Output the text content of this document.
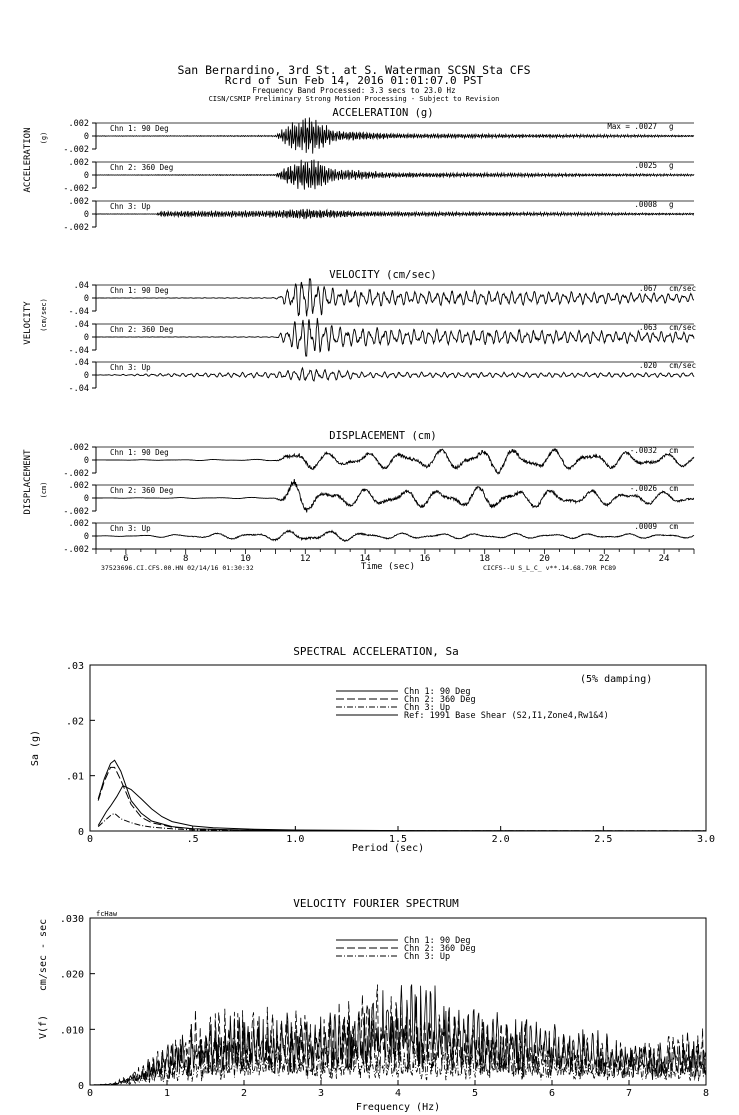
San Bernardino, 3rd St. at S. Waterman SCSN Sta CFS
Rcrd of Sun Feb 14, 2016 01:01:07.0 PST
Frequency Band Processed: 3.3 secs to 23.0 Hz
CISN/CSMIP Preliminary Strong Motion Processing - Subject to Revision
ACCELERATION (g)
VELOCITY (cm/sec)
DISPLACEMENT (cm)
ACCELERATION (g)
VELOCITY (cm/sec)
DISPLACEMENT (cm)
.002
0
-.002
Chn 1: 90 Deg	Max = .0027 g
.002
0
-.002
Chn 2: 360 Deg	.0025 g
.002
0
-.002
Chn 3: Up	.0008 g
.04
0
-.04
Chn 1: 90 Deg	.067 cm/sec
.04
0
-.04
Chn 2: 360 Deg	.063 cm/sec
.04
0
-.04
Chn 3: Up	.020 cm/sec
.002
0
-.002
Chn 1: 90 Deg	-.0032 cm
.002
0
-.002
Chn 2: 360 Deg	-.0026 cm
.002
0
-.002
Chn 3: Up	.0009 cm
6	8	10	12	14	16	18	20	22	24
Time (sec)
37523696.CI.CFS.00.HN 02/14/16 01:30:32	CICFS--U S_L_C_ v**.14.68.79R PC89
SPECTRAL ACCELERATION, Sa
(5% damping)
Sa (g)
Period (sec)
0	.5	1.0	1.5	2.0	2.5	3.0
0
.01
.02
.03
Chn 1: 90 Deg
Chn 2: 360 Deg
Chn 3: Up
Ref: 1991 Base Shear (S2,I1,Zone4,Rw1&4)
VELOCITY FOURIER SPECTRUM
fcHaw
cm/sec - sec
V(f)
Frequency (Hz)
0	1	2	3	4	5	6	7	8
0
.010
.020
.030
Chn 1: 90 Deg
Chn 2: 360 Deg
Chn 3: Up
